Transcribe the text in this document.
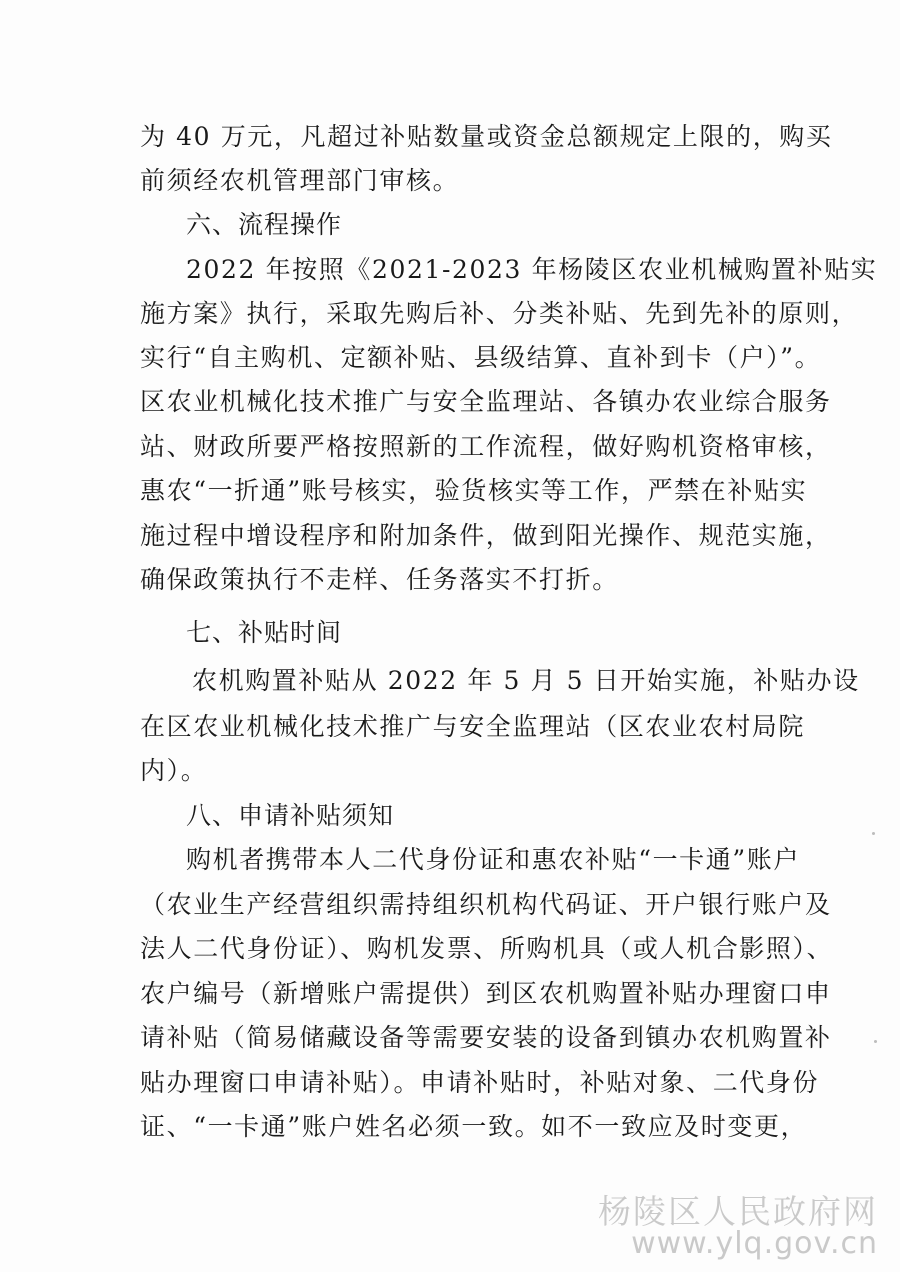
为 40 万元，凡超过补贴数量或资金总额规定上限的，购买
前须经农机管理部门审核。
六、流程操作
2022 年按照《2021-2023 年杨陵区农业机械购置补贴实
施方案》执行，采取先购后补、分类补贴、先到先补的原则，
实行“自主购机、定额补贴、县级结算、直补到卡（户）”。
区农业机械化技术推广与安全监理站、各镇办农业综合服务
站、财政所要严格按照新的工作流程，做好购机资格审核，
惠农“一折通”账号核实，验货核实等工作，严禁在补贴实
施过程中增设程序和附加条件，做到阳光操作、规范实施，
确保政策执行不走样、任务落实不打折。
七、补贴时间
农机购置补贴从 2022 年 5 月 5 日开始实施，补贴办设
在区农业机械化技术推广与安全监理站（区农业农村局院
内）。
八、申请补贴须知
购机者携带本人二代身份证和惠农补贴“一卡通”账户
（农业生产经营组织需持组织机构代码证、开户银行账户及
法人二代身份证）、购机发票、所购机具（或人机合影照）、
农户编号（新增账户需提供）到区农机购置补贴办理窗口申
请补贴（简易储藏设备等需要安装的设备到镇办农机购置补
贴办理窗口申请补贴）。申请补贴时，补贴对象、二代身份
证、“一卡通”账户姓名必须一致。如不一致应及时变更，
杨陵区人民政府网
www.ylq.gov.cn
